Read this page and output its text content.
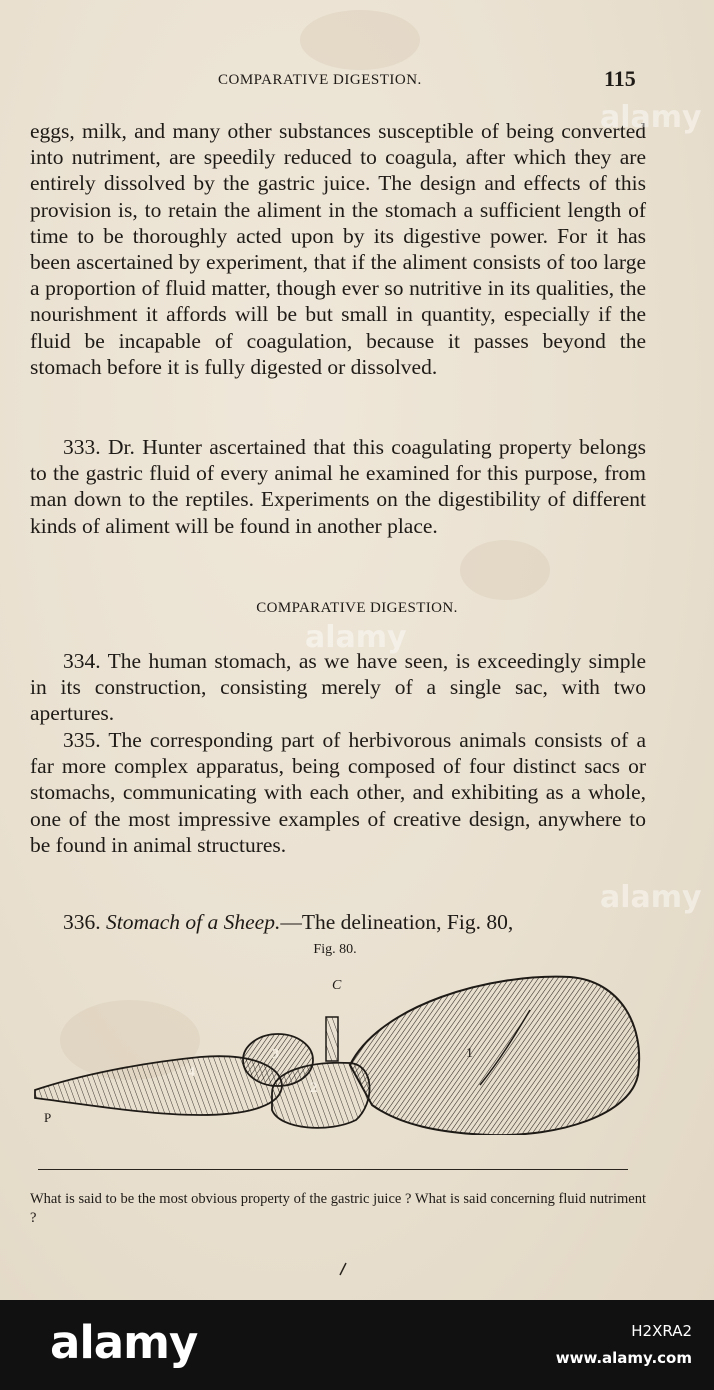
COMPARATIVE DIGESTION.	115

eggs, milk, and many other substances susceptible of being converted into nutriment, are speedily reduced to coagula, after which they are entirely dissolved by the gastric juice. The design and effects of this provision is, to retain the aliment in the stomach a sufficient length of time to be thoroughly acted upon by its digestive power. For it has been ascertained by experiment, that if the aliment consists of too large a proportion of fluid matter, though ever so nutritive in its qualities, the nourishment it affords will be but small in quantity, especially if the fluid be incapable of coagulation, because it passes beyond the stomach before it is fully digested or dissolved.

333. Dr. Hunter ascertained that this coagulating property belongs to the gastric fluid of every animal he examined for this purpose, from man down to the reptiles. Experiments on the digestibility of different kinds of aliment will be found in another place.

COMPARATIVE DIGESTION.

334. The human stomach, as we have seen, is exceedingly simple in its construction, consisting merely of a single sac, with two apertures.

335. The corresponding part of herbivorous animals consists of a far more complex apparatus, being composed of four distinct sacs or stomachs, communicating with each other, and exhibiting as a whole, one of the most impressive examples of creative design, anywhere to be found in animal structures.

336. Stomach of a Sheep.—The delineation, Fig. 80,

Fig. 80.
C
P
1
2
3
4
What is said to be the most obvious property of the gastric juice ? What is said concerning fluid nutriment ?
alamy
alamy
alamy
alamy	H2XRA2
www.alamy.com
